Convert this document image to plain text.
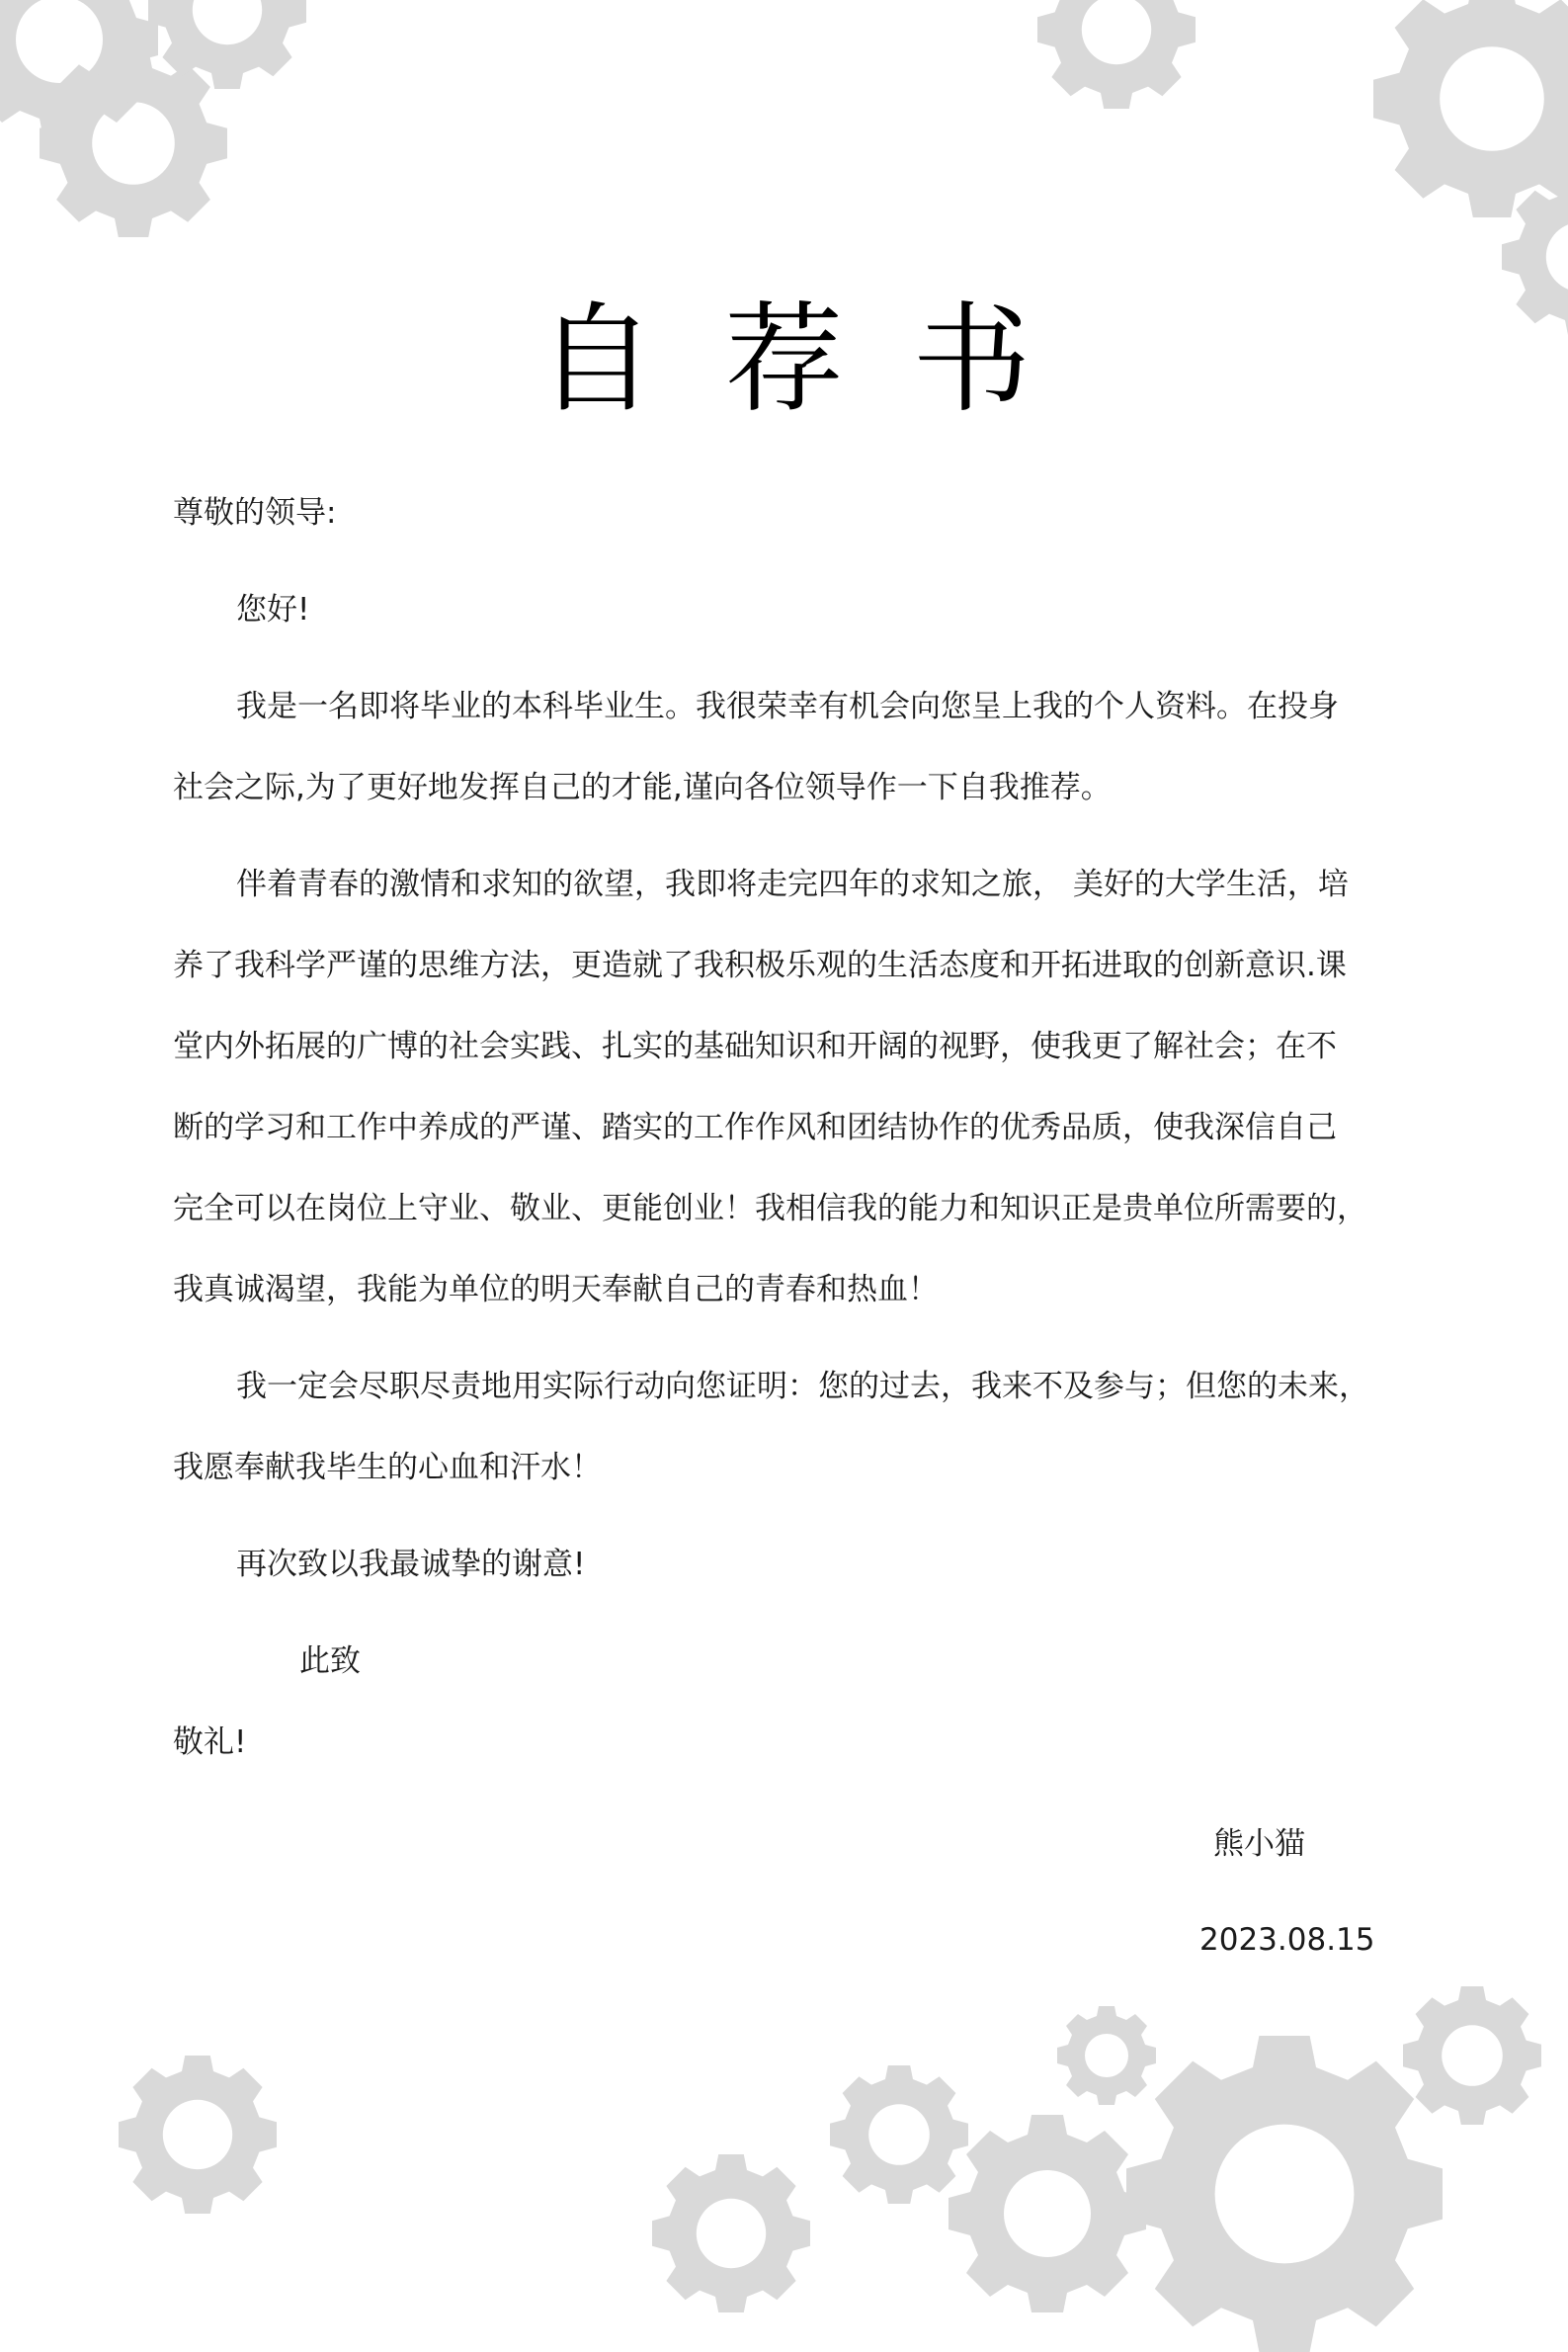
自荐书
尊敬的领导:
您好!
我是一名即将毕业的本科毕业生。我很荣幸有机会向您呈上我的个人资料。在投身
社会之际,为了更好地发挥自己的才能,谨向各位领导作一下自我推荐。
伴着青春的激情和求知的欲望，我即将走完四年的求知之旅， 美好的大学生活，培
养了我科学严谨的思维方法，更造就了我积极乐观的生活态度和开拓进取的创新意识.课
堂内外拓展的广博的社会实践、扎实的基础知识和开阔的视野，使我更了解社会；在不
断的学习和工作中养成的严谨、踏实的工作作风和团结协作的优秀品质，使我深信自己
完全可以在岗位上守业、敬业、更能创业！我相信我的能力和知识正是贵单位所需要的，
我真诚渴望，我能为单位的明天奉献自己的青春和热血！
我一定会尽职尽责地用实际行动向您证明：您的过去，我来不及参与；但您的未来，
我愿奉献我毕生的心血和汗水！
再次致以我最诚挚的谢意!
此致
敬礼!
熊小猫
2023.08.15
